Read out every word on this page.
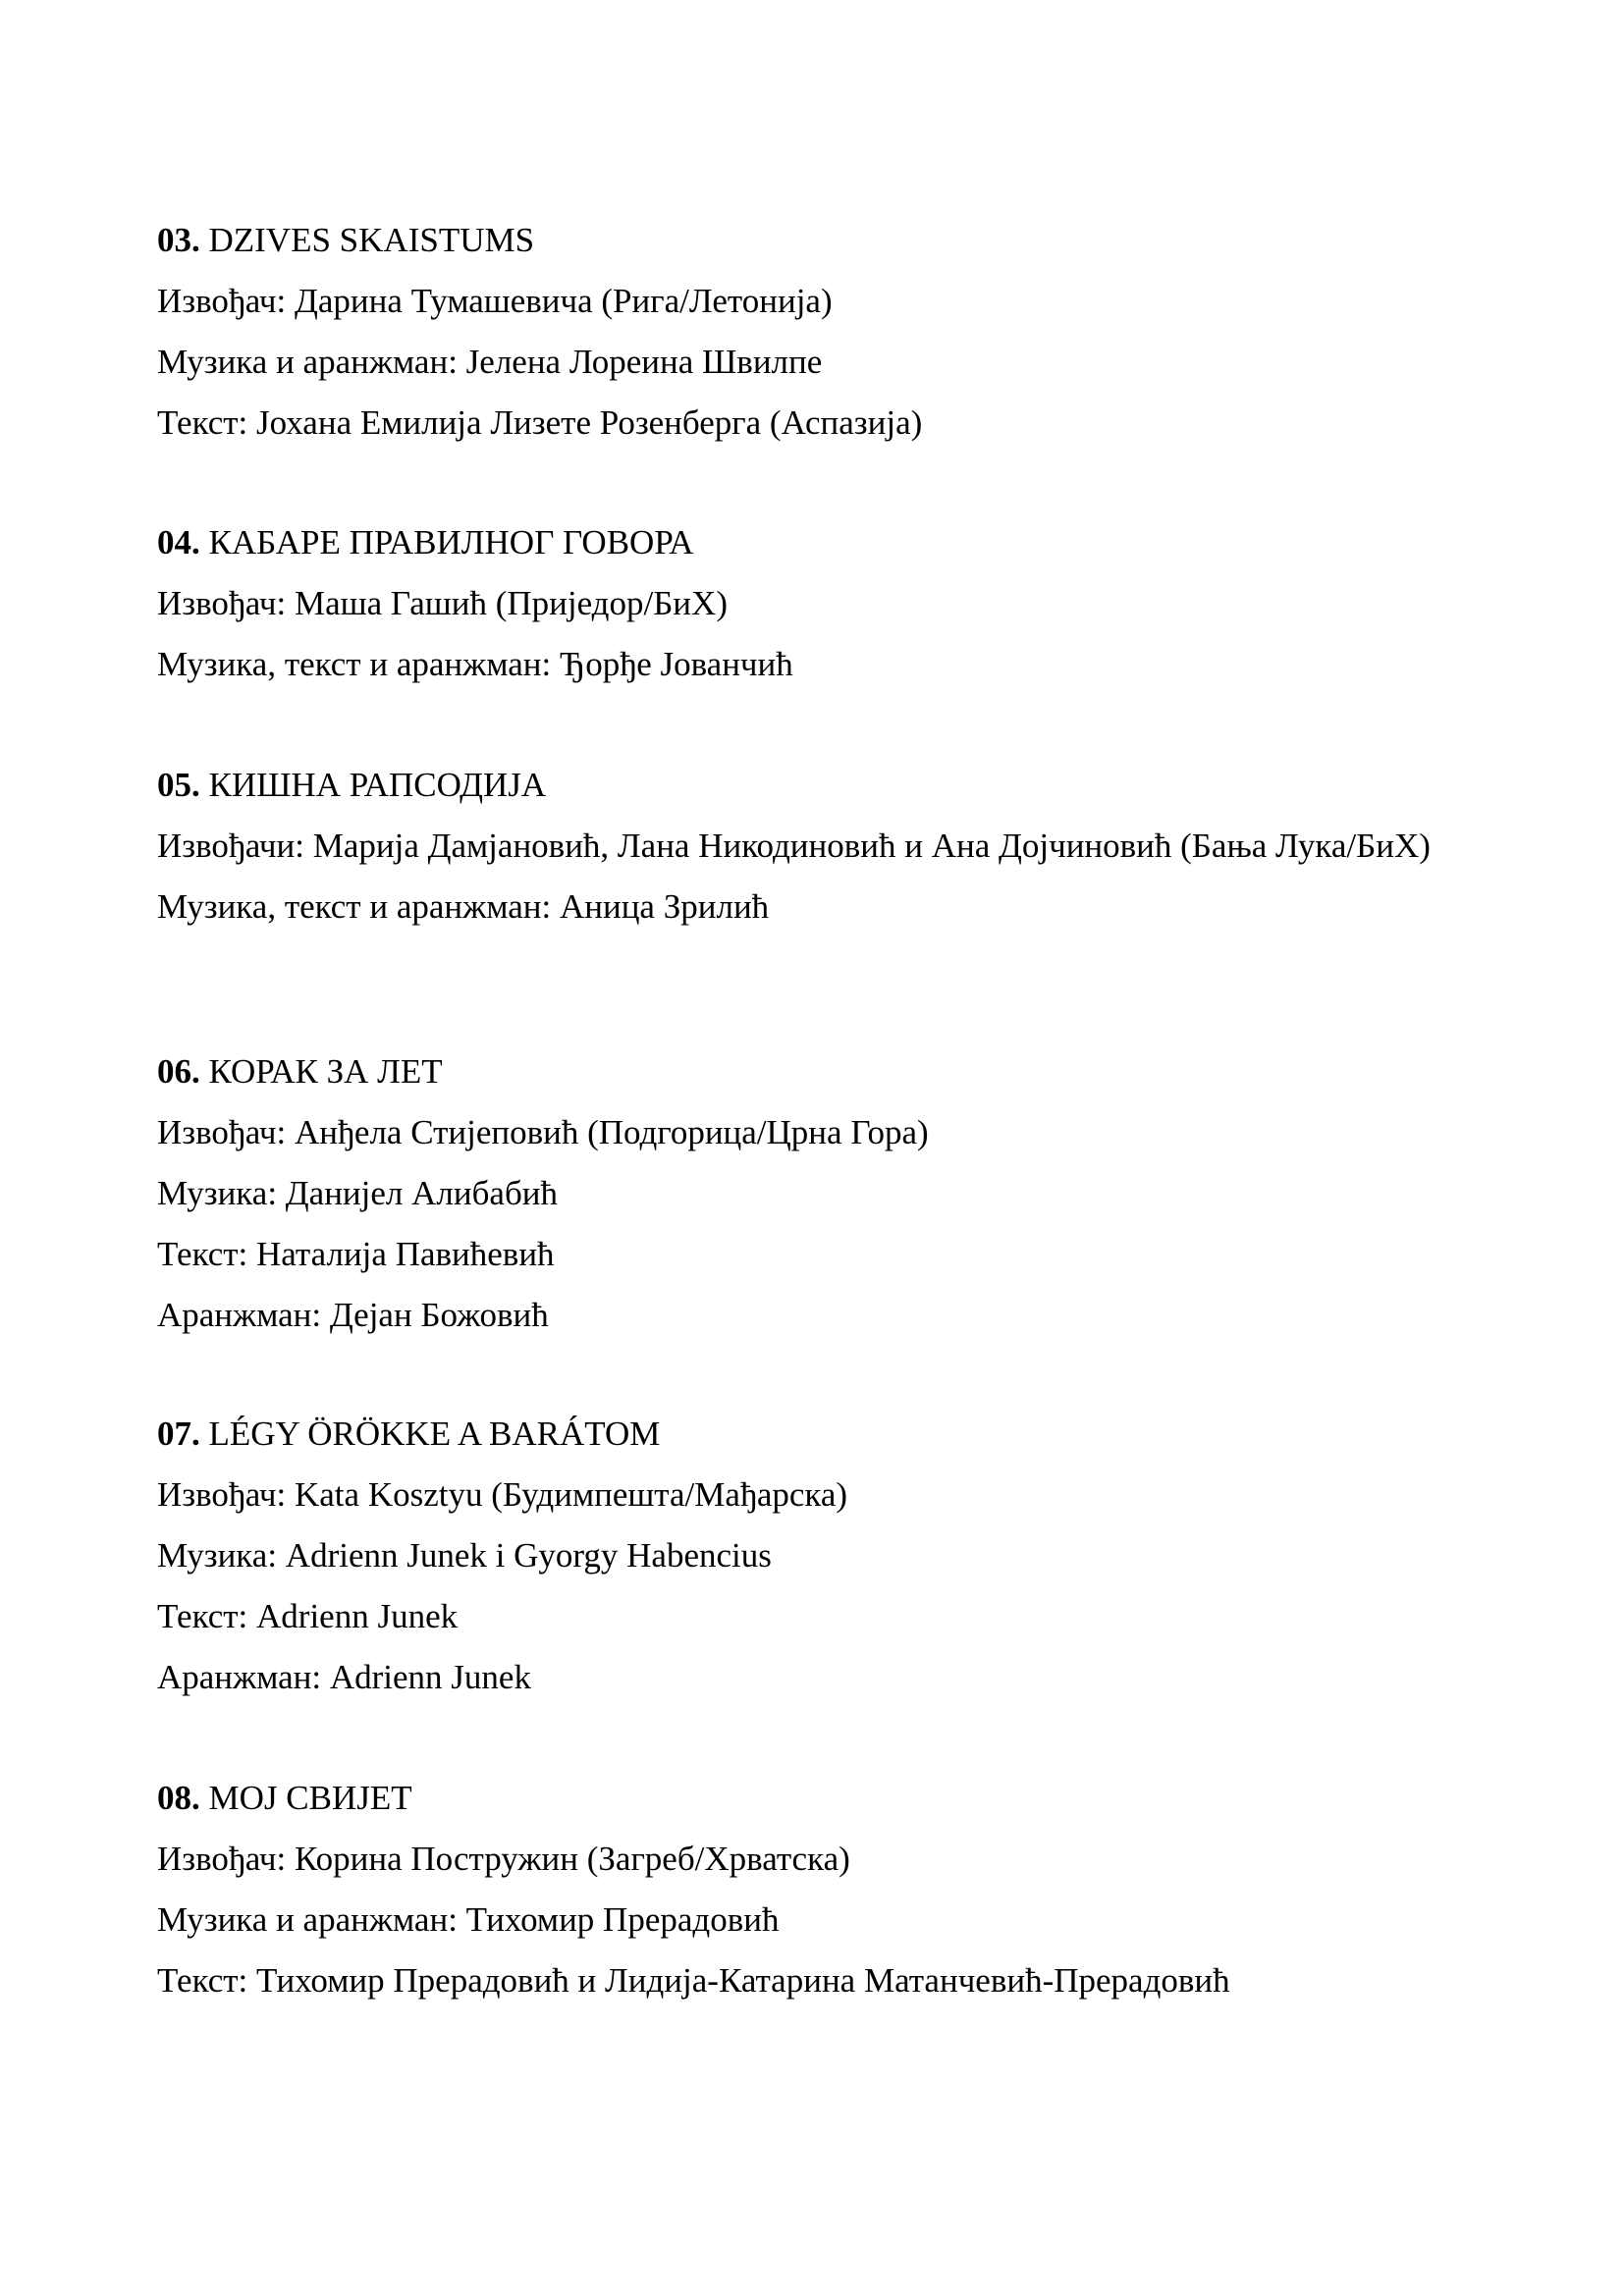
03. DZIVES SKAISTUMS

Извођач: Дарина Тумашевича (Рига/Летонија)

Музика и аранжман: Јелена Лореина Швилпе

Текст: Јохана Емилија Лизете Розенберга (Аспазија)

04. КАБАРЕ ПРАВИЛНОГ ГОВОРА

Извођач: Маша Гашић (Приједор/БиХ)

Музика, текст и аранжман: Ђорђе Јованчић

05. КИШНА РАПСОДИЈА

Извођачи: Марија Дамјановић, Лана Никодиновић и Ана Дојчиновић (Бања Лука/БиХ)

Музика, текст и аранжман: Аница Зрилић

06. КОРАК ЗА ЛЕТ

Извођач: Анђела Стијеповић (Подгорица/Црна Гора)

Музика: Данијел Алибабић

Текст: Наталија Павићевић

Аранжман: Дејан Божовић

07. LÉGY ÖRÖKKE A BARÁTOM

Извођач: Kata Kosztyu (Будимпешта/Мађарска)

Музика: Adrienn Junek i Gyorgy Habencius

Текст: Adrienn Junek

Аранжман: Adrienn Junek

08. МОЈ СВИЈЕТ

Извођач: Корина Постружин (Загреб/Хрватска)

Музика и аранжман: Тихомир Прерадовић

Текст: Тихомир Прерадовић и Лидија-Катарина Матанчевић-Прерадовић
